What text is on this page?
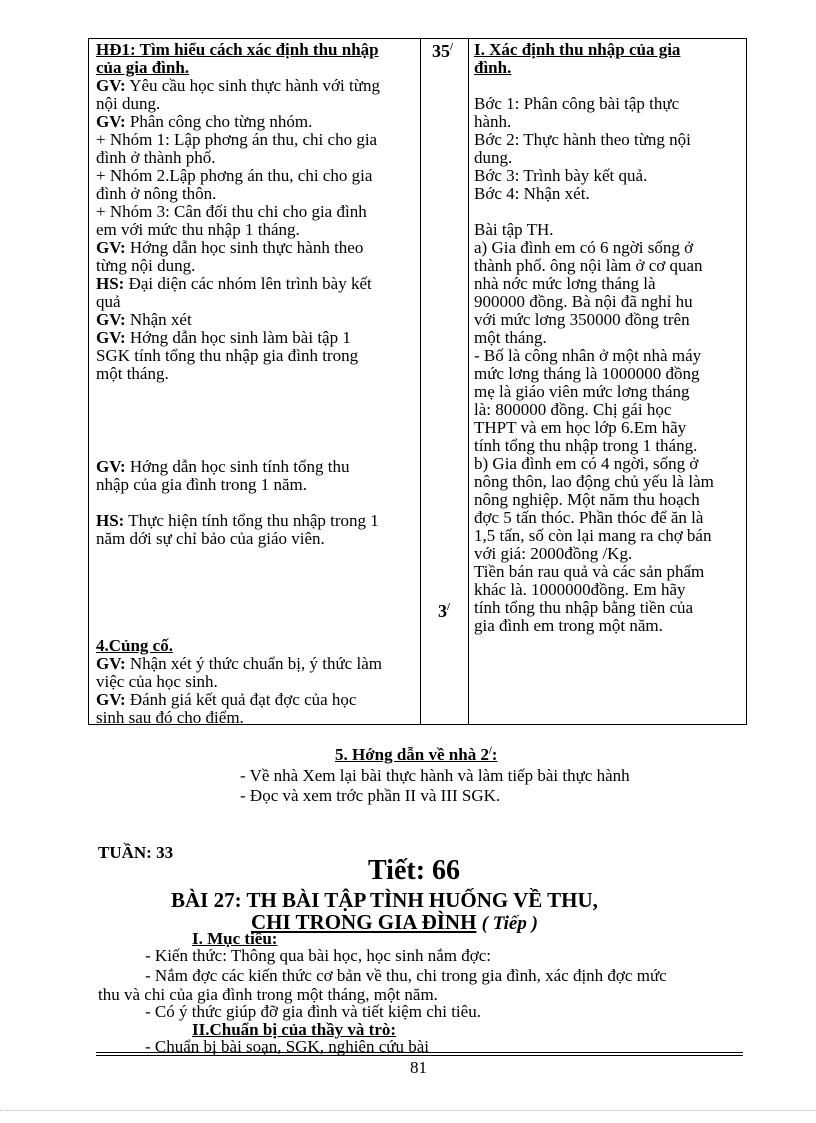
HĐ1: Tìm hiểu cách xác định thu nhập
của gia đình.
GV: Yêu cầu học sinh thực hành với từng
nội dung.
GV: Phân công cho từng nhóm.
+ Nhóm 1: Lập phơng án thu, chi cho gia
đình ở thành phố.
+ Nhóm 2.Lập phơng án thu, chi cho gia
đình ở nông thôn.
+ Nhóm 3: Cân đối thu chi cho gia đình
em với mức thu nhập 1 tháng.
GV: Hớng dẫn học sinh thực hành theo
từng nội dung.
HS: Đại diện các nhóm lên trình bày kết
quả
GV: Nhận xét
GV: Hớng dẫn học sinh làm bài tập 1
SGK tính tổng thu nhập gia đình trong
một tháng.
GV: Hớng dẫn học sinh tính tổng thu
nhập của gia đình trong 1 năm.
HS: Thực hiện tính tổng thu nhập trong 1
năm dới sự chỉ bảo của giáo viên.
4.Củng cố.
GV: Nhận xét ý thức chuẩn bị, ý thức làm
việc của học sinh.
GV: Đánh giá kết quả đạt đợc của học
sinh sau đó cho điểm.
35/
3/
I. Xác định thu nhập của gia
đình.
Bớc 1: Phân công bài tập thực
hành.
Bớc 2: Thực hành theo từng nội
dung.
Bớc 3: Trình bày kết quả.
Bớc 4: Nhận xét.
Bài tập TH.
a) Gia đình em có 6 ngời sống ở
thành phố. ông nội làm ở cơ quan
nhà nớc mức lơng tháng là
900000 đồng. Bà nội đã nghỉ hu
với mức lơng 350000 đồng trên
một tháng.
- Bố là công nhân ở một nhà máy
mức lơng tháng là 1000000 đồng
mẹ là giáo viên mức lơng tháng
là: 800000 đồng. Chị gái học
THPT và em học lớp 6.Em hãy
tính tổng thu nhập trong 1 tháng.
b) Gia đình em có 4 ngời, sống ở
nông thôn, lao động chủ yếu là làm
nông nghiệp. Một năm thu hoạch
đợc 5 tấn thóc. Phần thóc để ăn là
1,5 tấn, số còn lại mang ra chợ bán
với giá: 2000đồng /Kg.
Tiền bán rau quả và các sản phẩm
khác là. 1000000đồng. Em hãy
tính tổng thu nhập bằng tiền của
gia đình em trong một năm.
5. Hớng dẫn về nhà 2/:
- Về nhà Xem lại bài thực hành và làm tiếp bài thực hành
- Đọc và xem trớc phần II và III SGK.
TUẦN: 33
Tiết: 66
BÀI 27: TH BÀI TẬP TÌNH HUỐNG VỀ THU,
CHI TRONG GIA ĐÌNH ( Tiếp )
I. Mục tiêu:
- Kiến thức: Thông qua bài học, học sinh nắm đợc:
- Nắm đợc các kiến thức cơ bản về thu, chi trong gia đình, xác định đợc mức
thu và chi của gia đình trong một tháng, một năm.
- Có ý thức giúp đỡ gia đình và tiết kiệm chi tiêu.
II.Chuẩn bị của thầy và trò:
- Chuẩn bị bài soạn, SGK, nghiên cứu bài
81
